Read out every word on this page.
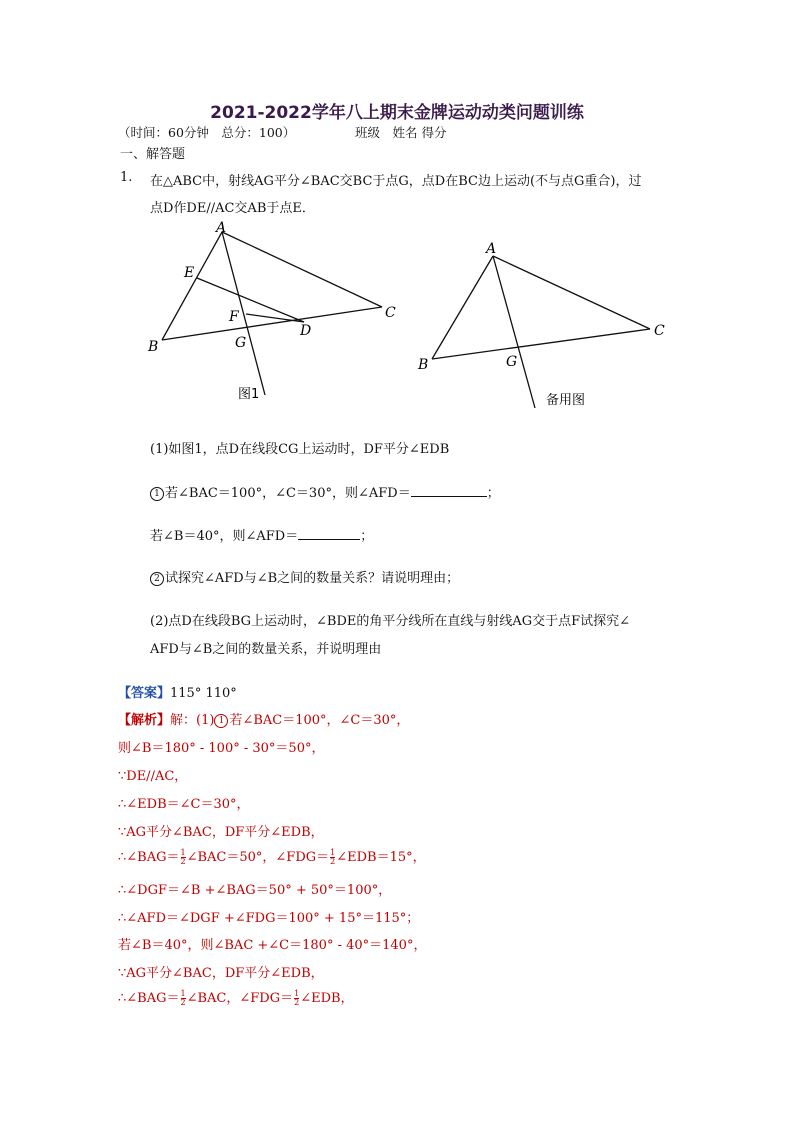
2021-2022学年八上期末金牌运动动类问题训练
（时间：60分钟　总分：100）	班级　姓名 得分
一、解答题
1. 在△ABC中，射线AG平分∠BAC交BC于点G，点D在BC边上运动(不与点G重合)，过
点D作DE//AC交AB于点E．
A
E
F
D
C
B	G
图1
A
C
B	G
备用图
(1)如图1，点D在线段CG上运动时，DF平分∠EDB
1 若∠BAC＝100°，∠C＝30°，则∠AFD＝	；
若∠B＝40°，则∠AFD＝	；
2 试探究∠AFD与∠B之间的数量关系？请说明理由；
(2)点D在线段BG上运动时，∠BDE的角平分线所在直线与射线AG交于点F试探究∠
AFD与∠B之间的数量关系，并说明理由
【答案】115° 110°
【解析】解：(1) 1 若∠BAC＝100°，∠C＝30°，
则∠B＝180° - 100° - 30°＝50°，
∵DE//AC，
∴∠EDB＝∠C＝30°，
∵AG平分∠BAC，DF平分∠EDB，
∴∠BAG＝ $\frac{1}{2}$ ∠BAC＝50°，∠FDG＝ $\frac{1}{2}$ ∠EDB＝15°，
∴∠DGF＝∠B +∠BAG＝50° + 50°＝100°，
∴∠AFD＝∠DGF +∠FDG＝100° + 15°＝115°；
若∠B＝40°，则∠BAC +∠C＝180° - 40°＝140°，
∵AG平分∠BAC，DF平分∠EDB，
∴∠BAG＝ $\frac{1}{2}$ ∠BAC，∠FDG＝ $\frac{1}{2}$ ∠EDB，
